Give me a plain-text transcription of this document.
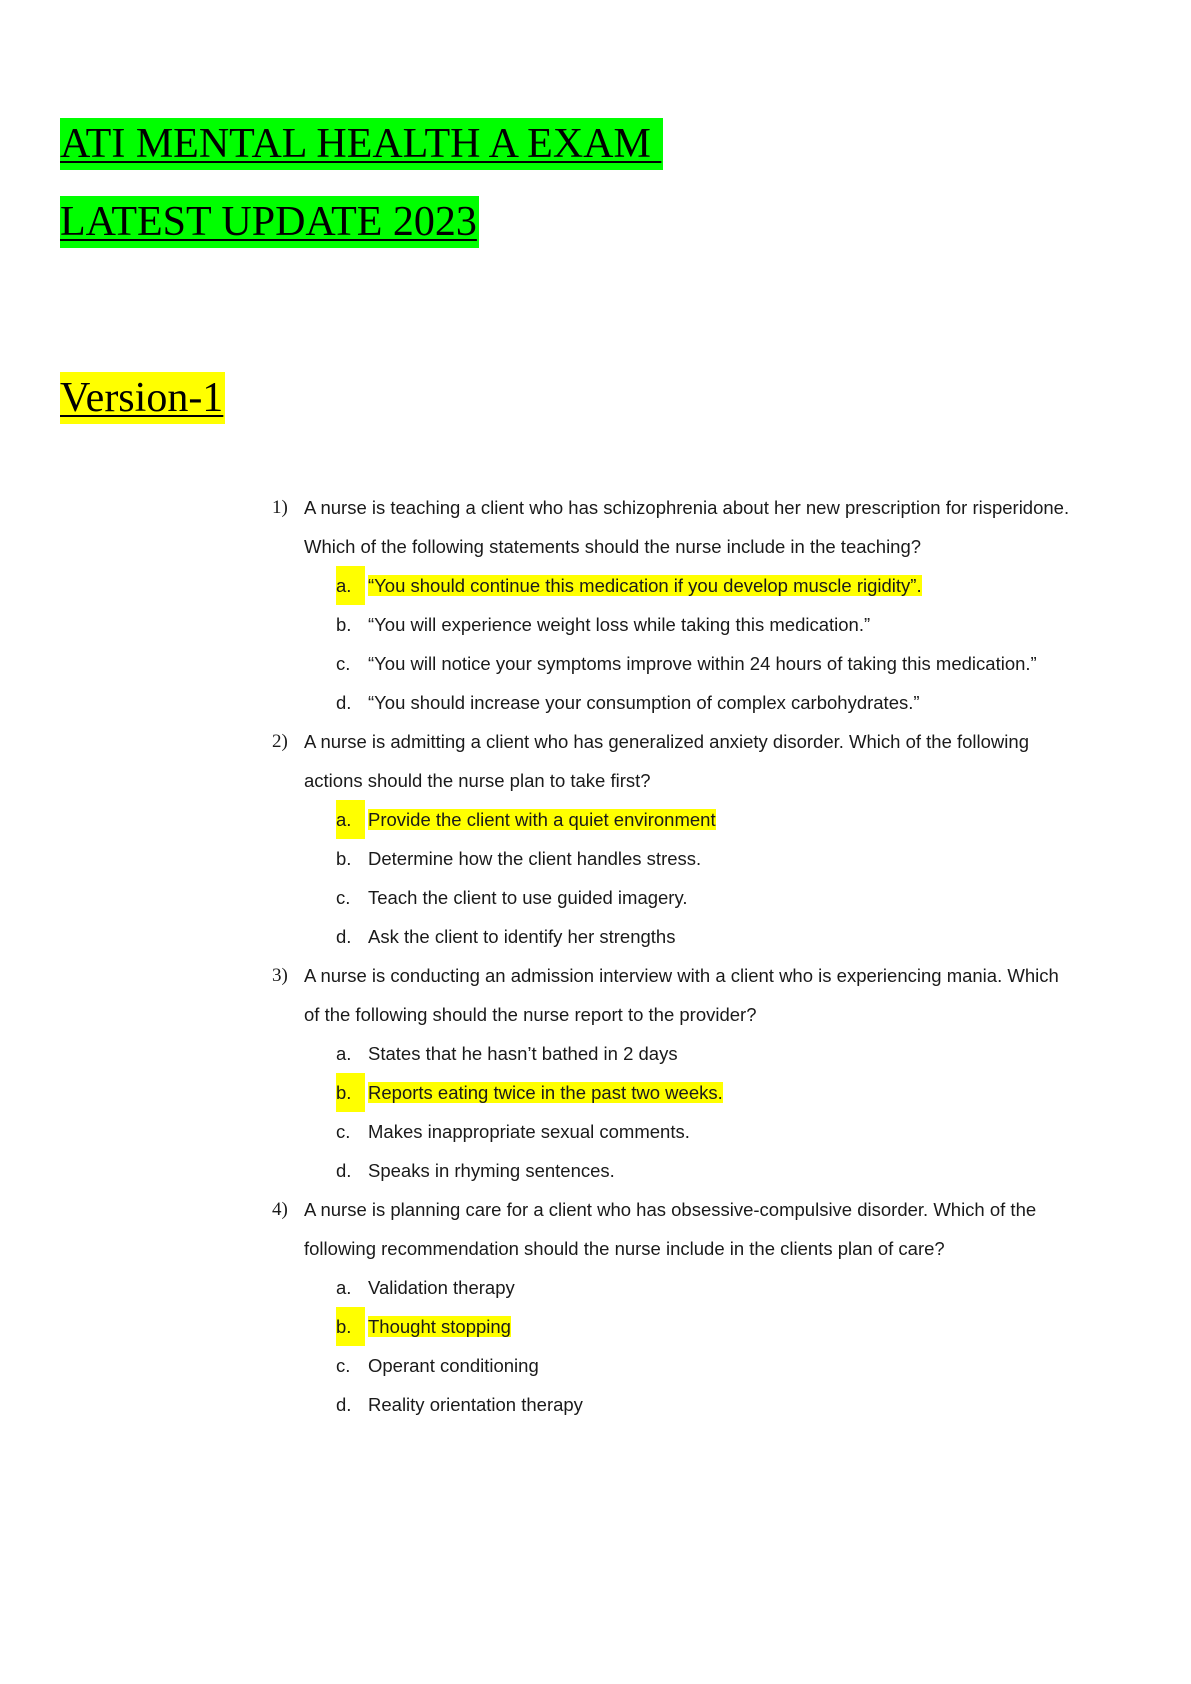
ATI MENTAL HEALTH A EXAM
LATEST UPDATE 2023
Version-1
1) A nurse is teaching a client who has schizophrenia about her new prescription for risperidone. Which of the following statements should the nurse include in the teaching?
a. “You should continue this medication if you develop muscle rigidity”.
b. “You will experience weight loss while taking this medication.”
c. “You will notice your symptoms improve within 24 hours of taking this medication.”
d. “You should increase your consumption of complex carbohydrates.”
2) A nurse is admitting a client who has generalized anxiety disorder. Which of the following actions should the nurse plan to take first?
a. Provide the client with a quiet environment
b. Determine how the client handles stress.
c. Teach the client to use guided imagery.
d. Ask the client to identify her strengths
3) A nurse is conducting an admission interview with a client who is experiencing mania. Which of the following should the nurse report to the provider?
a. States that he hasn’t bathed in 2 days
b. Reports eating twice in the past two weeks.
c. Makes inappropriate sexual comments.
d. Speaks in rhyming sentences.
4) A nurse is planning care for a client who has obsessive-compulsive disorder. Which of the following recommendation should the nurse include in the clients plan of care?
a. Validation therapy
b. Thought stopping
c. Operant conditioning
d. Reality orientation therapy
